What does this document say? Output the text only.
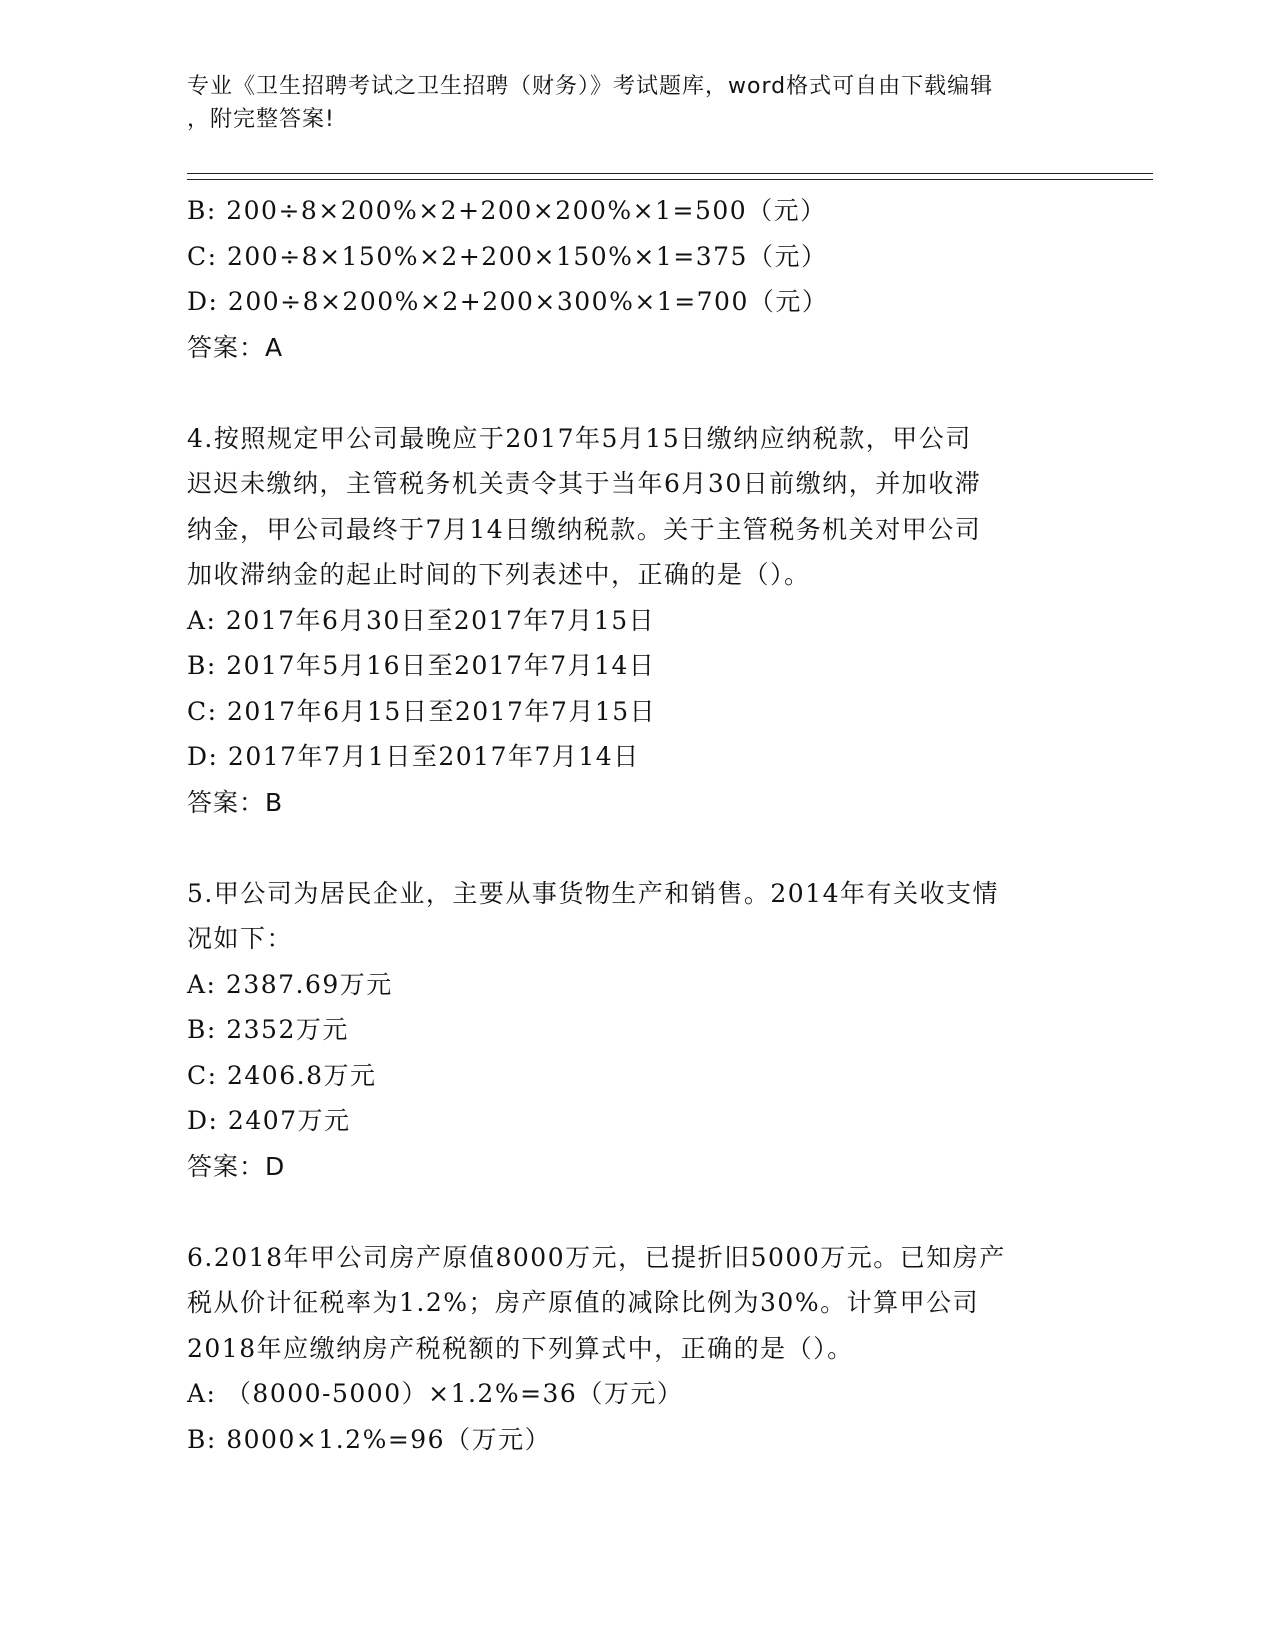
专业《卫生招聘考试之卫生招聘（财务）》考试题库，word格式可自由下载编辑
，附完整答案!
B: 200÷8×200%×2+200×200%×1=500（元）
C: 200÷8×150%×2+200×150%×1=375（元）
D: 200÷8×200%×2+200×300%×1=700（元）
答案：A
4.按照规定甲公司最晚应于2017年5月15日缴纳应纳税款，甲公司
迟迟未缴纳，主管税务机关责令其于当年6月30日前缴纳，并加收滞
纳金，甲公司最终于7月14日缴纳税款。关于主管税务机关对甲公司
加收滞纳金的起止时间的下列表述中，正确的是（）。
A: 2017年6月30日至2017年7月15日
B: 2017年5月16日至2017年7月14日
C: 2017年6月15日至2017年7月15日
D: 2017年7月1日至2017年7月14日
答案：B
5.甲公司为居民企业，主要从事货物生产和销售。2014年有关收支情
况如下：
A: 2387.69万元
B: 2352万元
C: 2406.8万元
D: 2407万元
答案：D
6.2018年甲公司房产原值8000万元，已提折旧5000万元。已知房产
税从价计征税率为1.2%；房产原值的减除比例为30%。计算甲公司
2018年应缴纳房产税税额的下列算式中，正确的是（）。
A: （8000-5000）×1.2%=36（万元）
B: 8000×1.2%=96（万元）
